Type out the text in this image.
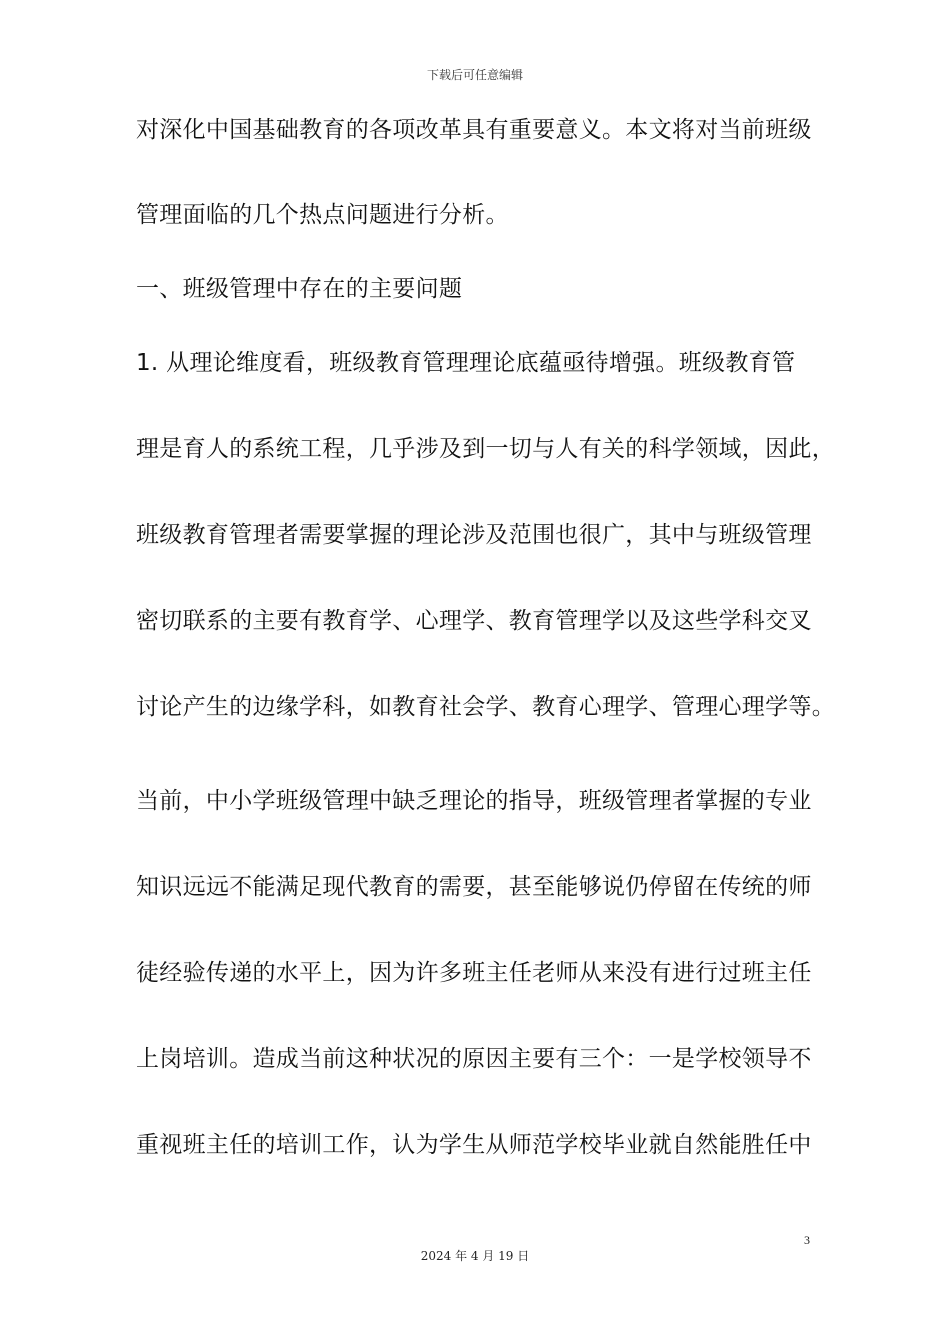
下载后可任意编辑
对深化中国基础教育的各项改革具有重要意义。本文将对当前班级
管理面临的几个热点问题进行分析。
一、班级管理中存在的主要问题
1. 从理论维度看，班级教育管理理论底蕴亟待增强。班级教育管
理是育人的系统工程，几乎涉及到一切与人有关的科学领域，因此，
班级教育管理者需要掌握的理论涉及范围也很广，其中与班级管理
密切联系的主要有教育学、心理学、教育管理学以及这些学科交叉
讨论产生的边缘学科，如教育社会学、教育心理学、管理心理学等。
当前，中小学班级管理中缺乏理论的指导，班级管理者掌握的专业
知识远远不能满足现代教育的需要，甚至能够说仍停留在传统的师
徒经验传递的水平上，因为许多班主任老师从来没有进行过班主任
上岗培训。造成当前这种状况的原因主要有三个：一是学校领导不
重视班主任的培训工作，认为学生从师范学校毕业就自然能胜任中
3
2024 年 4 月 19 日
